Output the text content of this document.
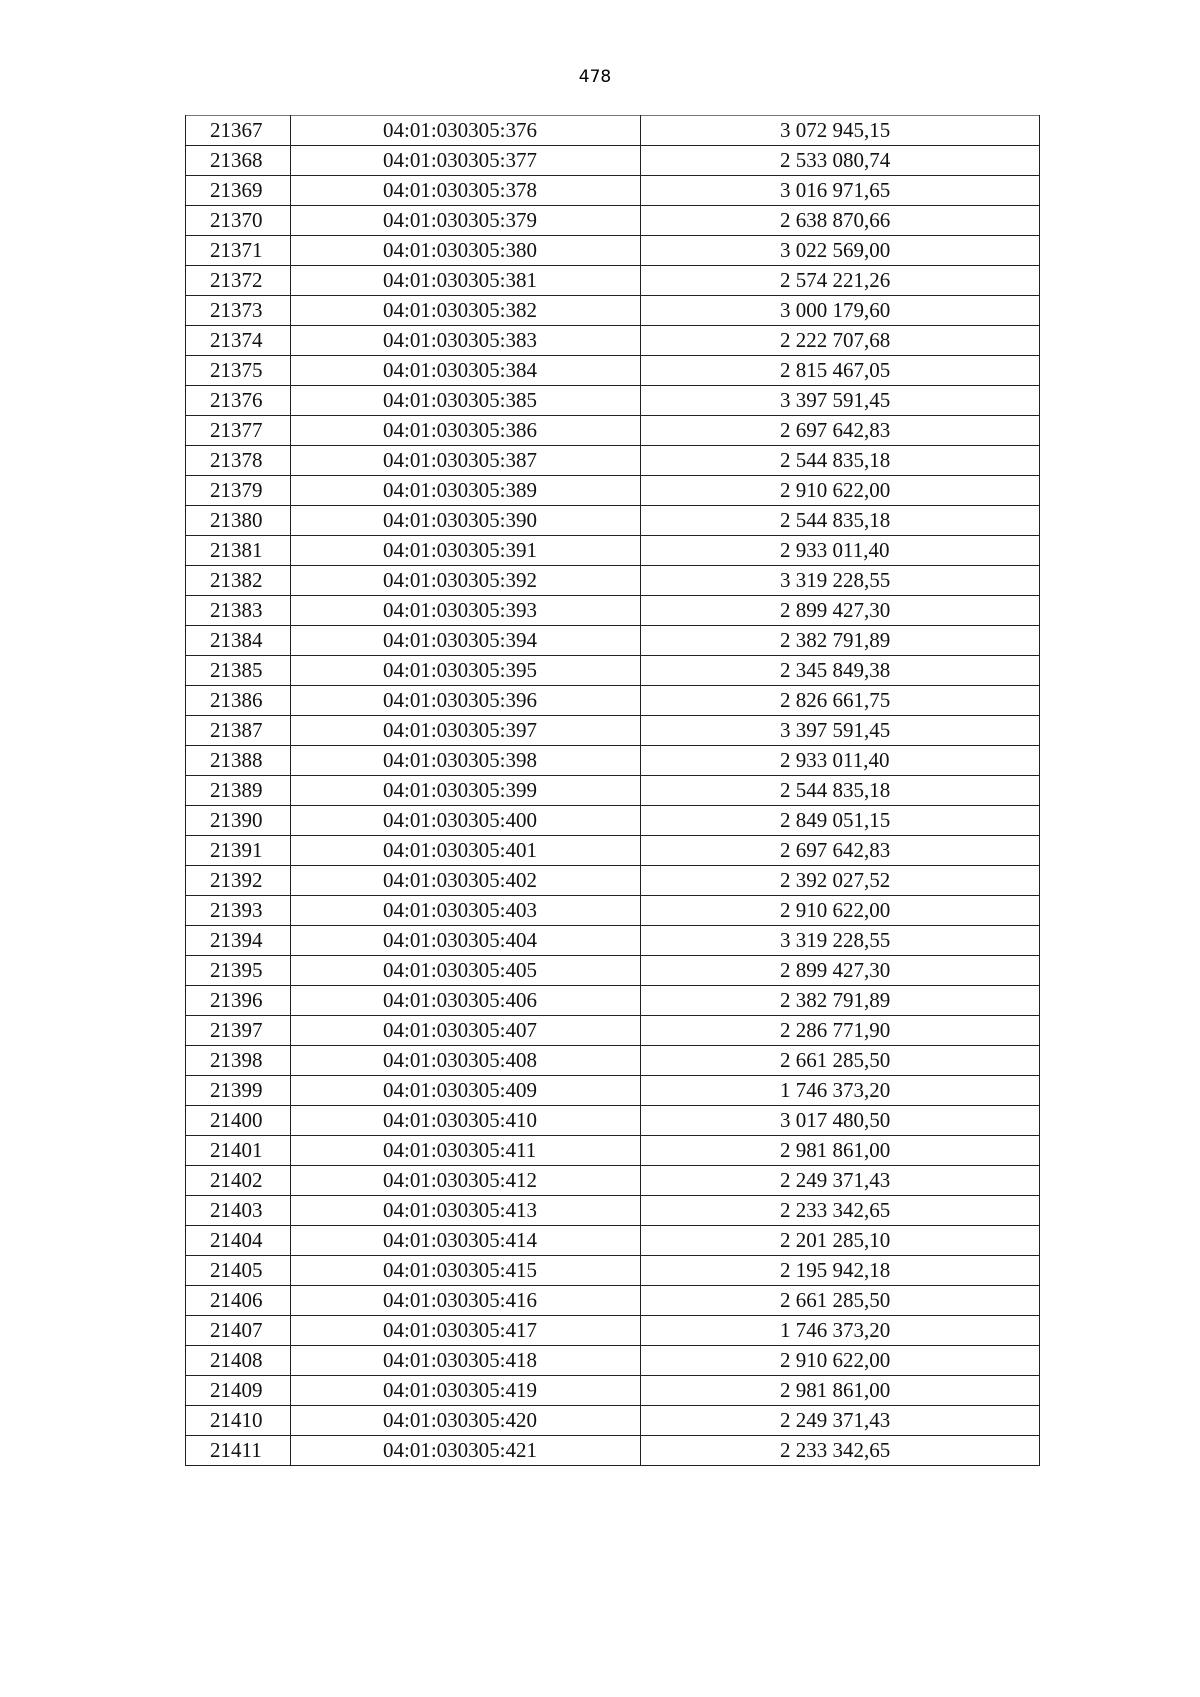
478
21367	04:01:030305:376	3 072 945,15
21368	04:01:030305:377	2 533 080,74
21369	04:01:030305:378	3 016 971,65
21370	04:01:030305:379	2 638 870,66
21371	04:01:030305:380	3 022 569,00
21372	04:01:030305:381	2 574 221,26
21373	04:01:030305:382	3 000 179,60
21374	04:01:030305:383	2 222 707,68
21375	04:01:030305:384	2 815 467,05
21376	04:01:030305:385	3 397 591,45
21377	04:01:030305:386	2 697 642,83
21378	04:01:030305:387	2 544 835,18
21379	04:01:030305:389	2 910 622,00
21380	04:01:030305:390	2 544 835,18
21381	04:01:030305:391	2 933 011,40
21382	04:01:030305:392	3 319 228,55
21383	04:01:030305:393	2 899 427,30
21384	04:01:030305:394	2 382 791,89
21385	04:01:030305:395	2 345 849,38
21386	04:01:030305:396	2 826 661,75
21387	04:01:030305:397	3 397 591,45
21388	04:01:030305:398	2 933 011,40
21389	04:01:030305:399	2 544 835,18
21390	04:01:030305:400	2 849 051,15
21391	04:01:030305:401	2 697 642,83
21392	04:01:030305:402	2 392 027,52
21393	04:01:030305:403	2 910 622,00
21394	04:01:030305:404	3 319 228,55
21395	04:01:030305:405	2 899 427,30
21396	04:01:030305:406	2 382 791,89
21397	04:01:030305:407	2 286 771,90
21398	04:01:030305:408	2 661 285,50
21399	04:01:030305:409	1 746 373,20
21400	04:01:030305:410	3 017 480,50
21401	04:01:030305:411	2 981 861,00
21402	04:01:030305:412	2 249 371,43
21403	04:01:030305:413	2 233 342,65
21404	04:01:030305:414	2 201 285,10
21405	04:01:030305:415	2 195 942,18
21406	04:01:030305:416	2 661 285,50
21407	04:01:030305:417	1 746 373,20
21408	04:01:030305:418	2 910 622,00
21409	04:01:030305:419	2 981 861,00
21410	04:01:030305:420	2 249 371,43
21411	04:01:030305:421	2 233 342,65
